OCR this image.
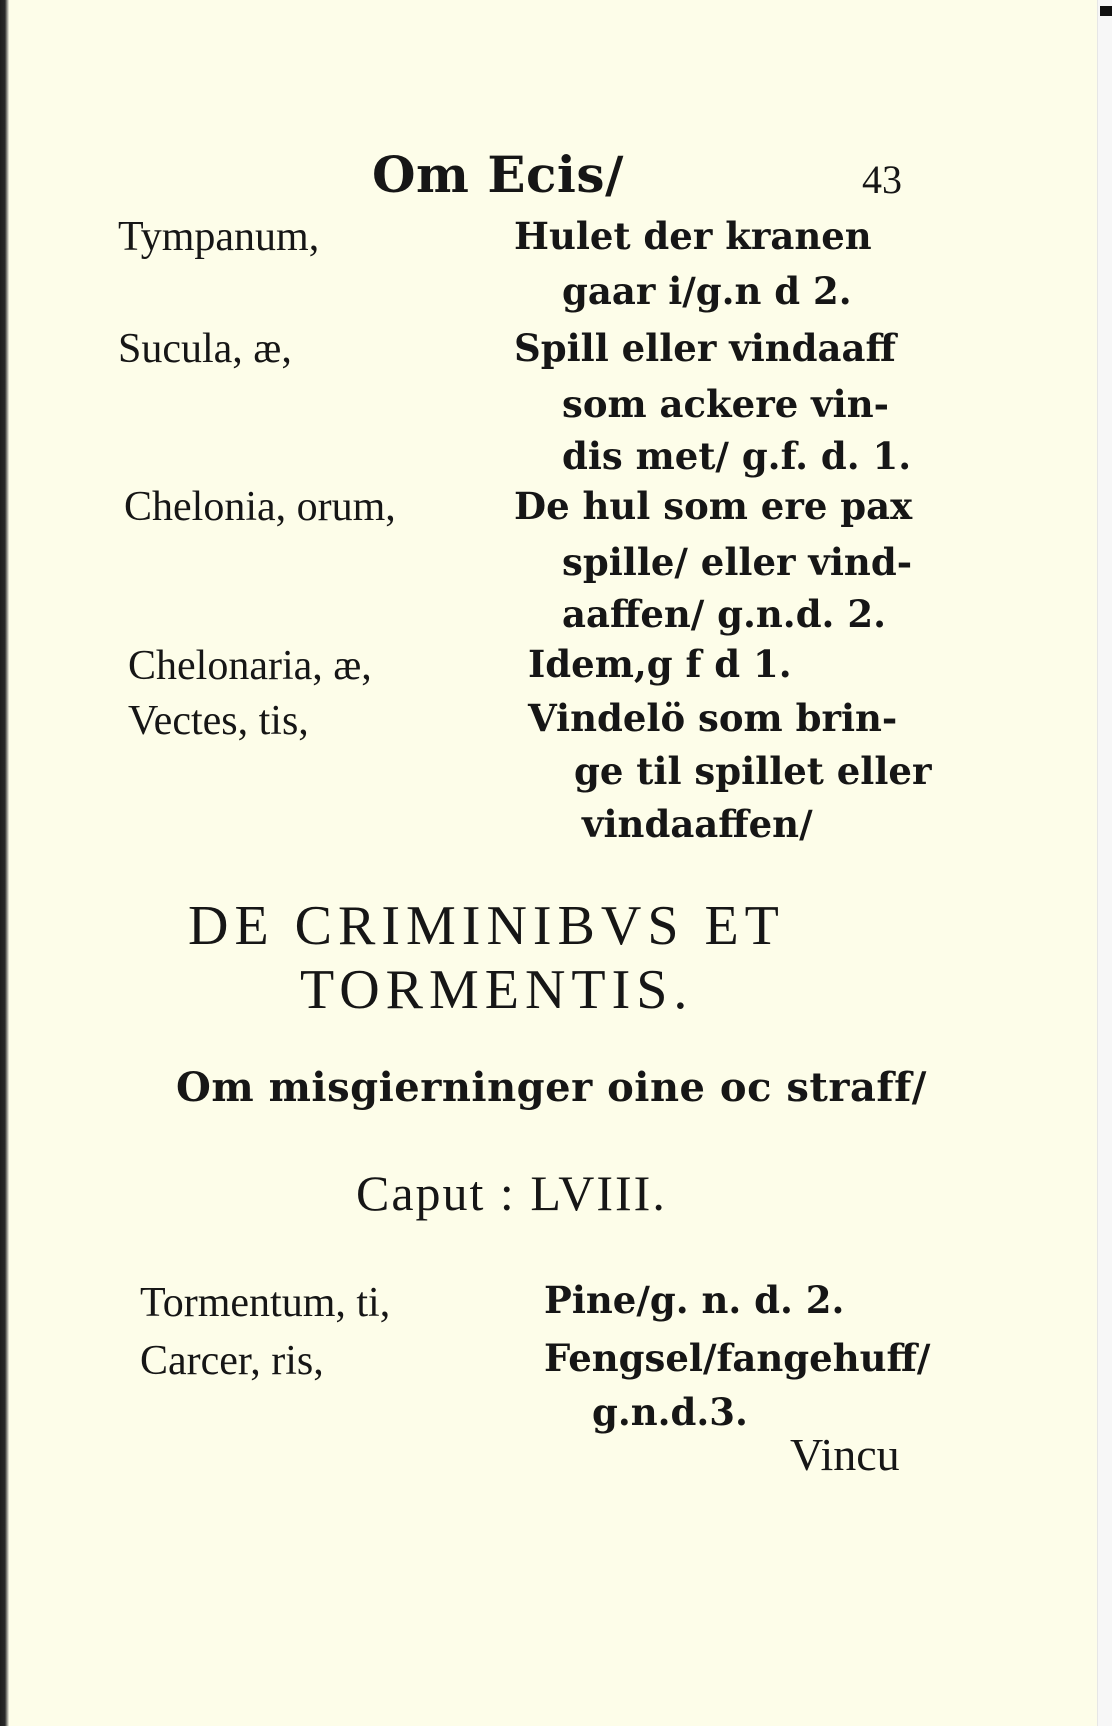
Om Ecis/	43
Tympanum,	Hulet der kranen
gaar i/g.n d 2.
Sucula, æ,	Spill eller vindaaff
som ackere vin-
dis met/ g.f. d. 1.
Chelonia, orum,	De hul som ere pax
spille/ eller vind-
aaffen/ g.n.d. 2.
Chelonaria, æ,	Idem,g f d 1.
Vectes, tis,	Vindelö som brin-
ge til spillet eller
vindaaffen/
DE CRIMINIBVS ET
TORMENTIS.
Om misgierninger oine oc straff/
Caput : LVIII.
Tormentum, ti,	Pine/g. n. d. 2.
Carcer, ris,	Fengsel/fangehuff/
g.n.d.3.
Vincu
